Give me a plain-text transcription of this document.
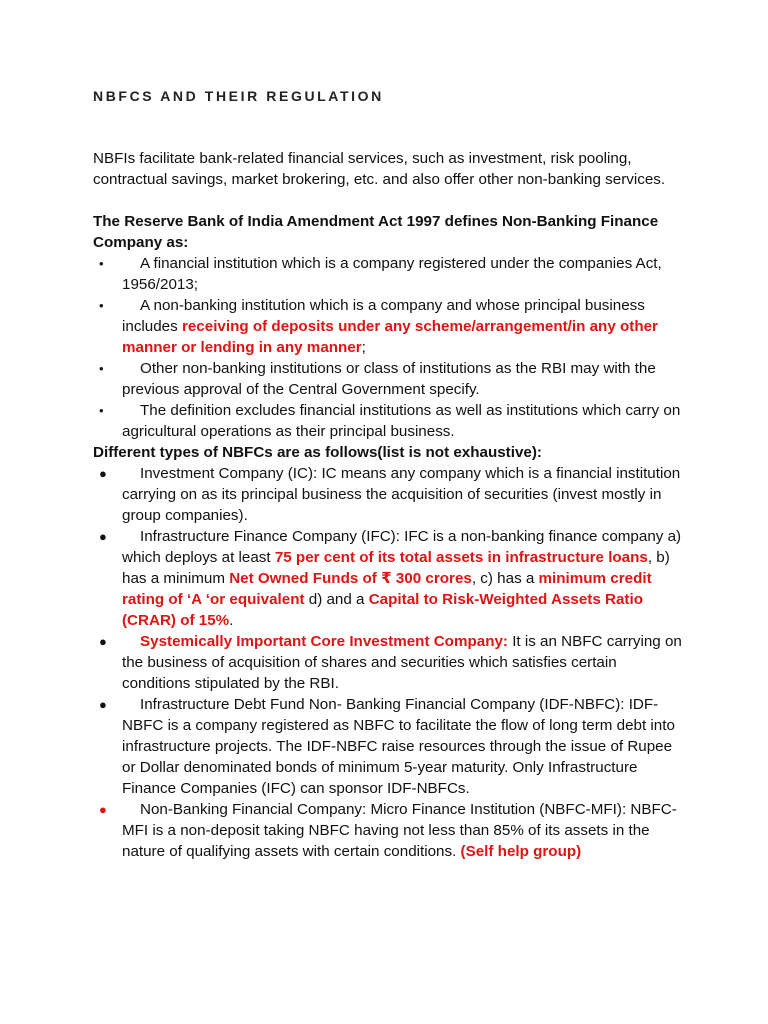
NBFCS AND THEIR REGULATION

NBFIs facilitate bank-related financial services, such as investment, risk pooling, contractual savings, market brokering, etc. and also offer other non-banking services.

The Reserve Bank of India Amendment Act 1997 defines Non-Banking Finance Company as:

• A financial institution which is a company registered under the companies Act, 1956/2013;
• A non-banking institution which is a company and whose principal business includes receiving of deposits under any scheme/arrangement/in any other manner or lending in any manner;
• Other non-banking institutions or class of institutions as the RBI may with the previous approval of the Central Government specify.
• The definition excludes financial institutions as well as institutions which carry on agricultural operations as their principal business.

Different types of NBFCs are as follows(list is not exhaustive):

● Investment Company (IC): IC means any company which is a financial institution carrying on as its principal business the acquisition of securities (invest mostly in group companies).
● Infrastructure Finance Company (IFC): IFC is a non-banking finance company a) which deploys at least 75 per cent of its total assets in infrastructure loans, b) has a minimum Net Owned Funds of ₹ 300 crores, c) has a minimum credit rating of ‘A ‘or equivalent d) and a Capital to Risk-Weighted Assets Ratio (CRAR) of 15%.
● Systemically Important Core Investment Company: It is an NBFC carrying on the business of acquisition of shares and securities which satisfies certain conditions stipulated by the RBI.
● Infrastructure Debt Fund Non- Banking Financial Company (IDF-NBFC): IDF-NBFC is a company registered as NBFC to facilitate the flow of long term debt into infrastructure projects. The IDF-NBFC raise resources through the issue of Rupee or Dollar denominated bonds of minimum 5-year maturity. Only Infrastructure Finance Companies (IFC) can sponsor IDF-NBFCs.
● Non-Banking Financial Company: Micro Finance Institution (NBFC-MFI): NBFC-MFI is a non-deposit taking NBFC having not less than 85% of its assets in the nature of qualifying assets with certain conditions. (Self help group)
